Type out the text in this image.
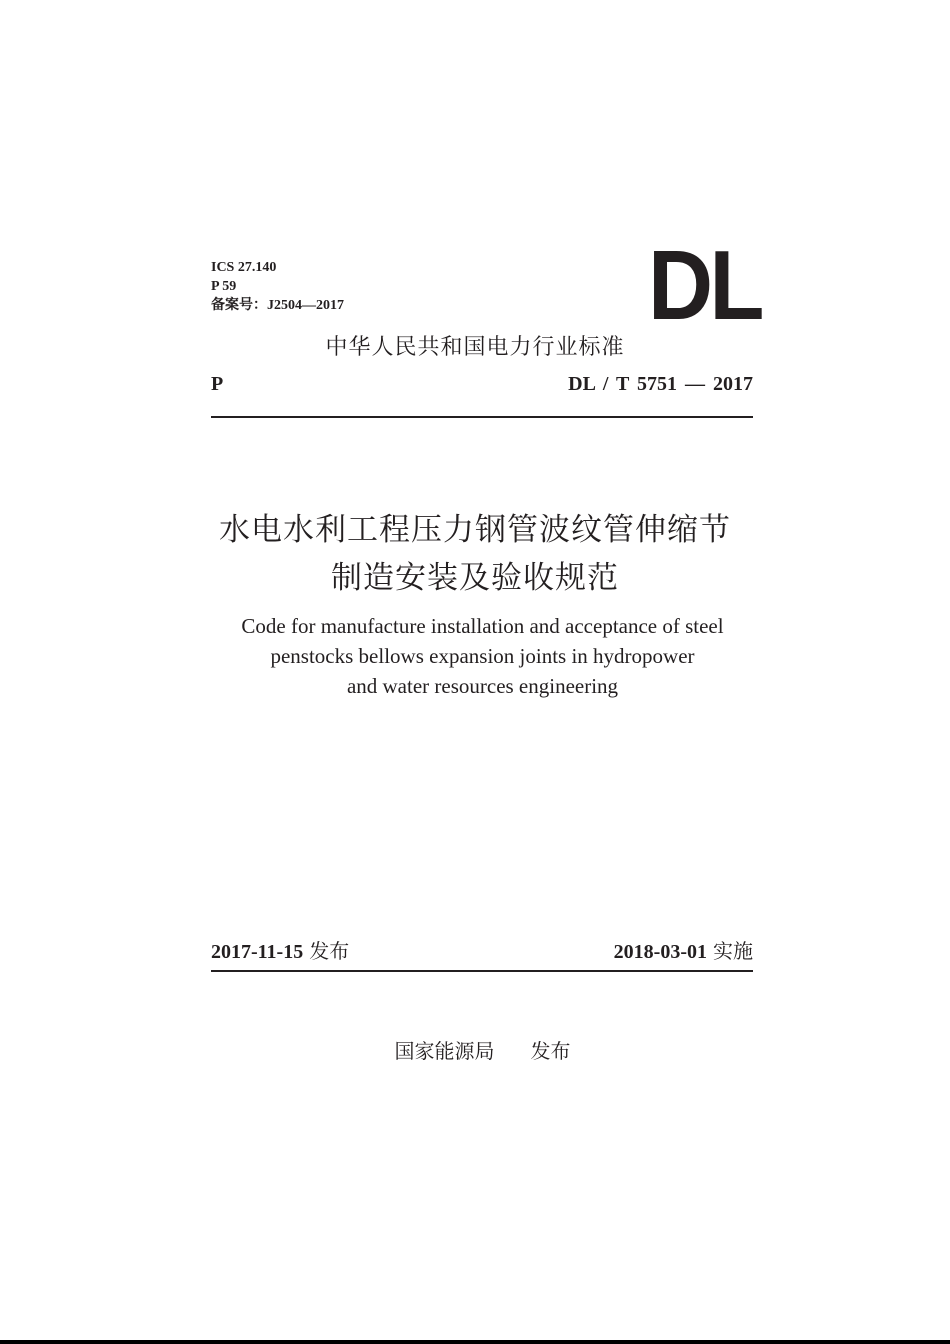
ICS 27.140
P 59
备案号：J2504—2017	DL
中华人民共和国电力行业标准
P	DL / T 5751 — 2017
水电水利工程压力钢管波纹管伸缩节
制造安装及验收规范
Code for manufacture installation and acceptance of steel
penstocks bellows expansion joints in hydropower
and water resources engineering
2017-11-15 发布	2018-03-01 实施
国家能源局 发布
